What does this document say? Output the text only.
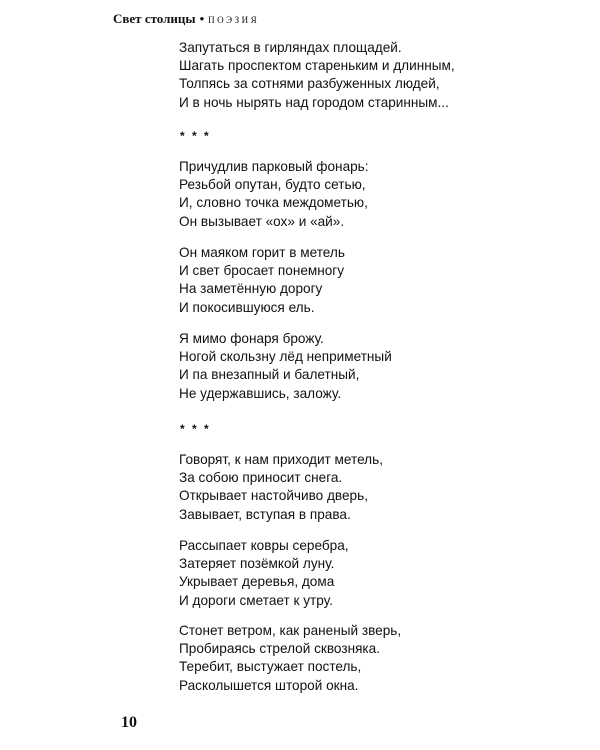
Свет столицы • ПОЭЗИЯ
Запутаться в гирляндах площадей.
Шагать проспектом стареньким и длинным,
Толпясь за сотнями разбуженных людей,
И в ночь нырять над городом старинным...
* * *
Причудлив парковый фонарь:
Резьбой опутан, будто сетью,
И, словно точка междометью,
Он вызывает «ох» и «ай».
Он маяком горит в метель
И свет бросает понемногу
На заметённую дорогу
И покосившуюся ель.
Я мимо фонаря брожу.
Ногой скользну лёд неприметный
И па внезапный и балетный,
Не удержавшись, заложу.
* * *
Говорят, к нам приходит метель,
За собою приносит снега.
Открывает настойчиво дверь,
Завывает, вступая в права.
Рассыпает ковры серебра,
Затеряет позёмкой луну.
Укрывает деревья, дома
И дороги сметает к утру.
Стонет ветром, как раненый зверь,
Пробираясь стрелой сквозняка.
Теребит, выстужает постель,
Расколышется шторой окна.
10
